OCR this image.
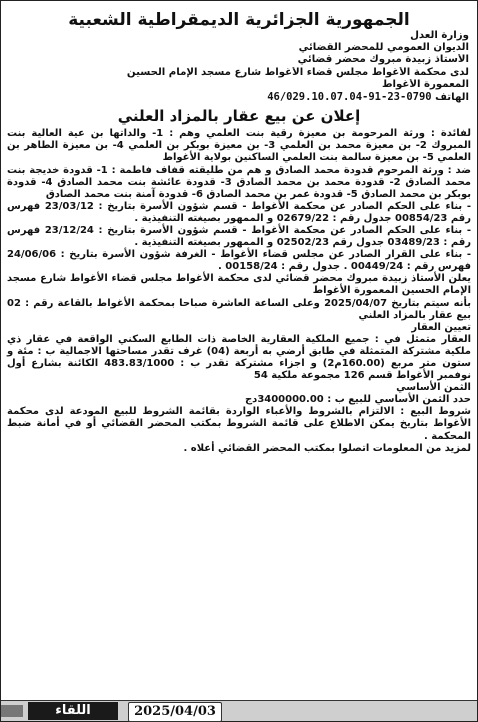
الجمهورية الجزائرية الديمقراطية الشعبية
وزارة العدل
الديوان العمومي للمحضر القضائي
الأستاذ زبيدة مبروك محضر قضائي
لدى محكمة الأغواط مجلس قضاء الأغواط شارع مسجد الإمام الحسين
المعمورة الأغواط
الهاتف 0790-23-91-46/029.10.07.04
إعلان عن بيع عقار بالمزاد العلني

لفائدة : ورثة المرحومة بن معيزة رقية بنت العلمي وهم : 1- والداتها بن عية العالية بنت المبروك 2- بن معيزة محمد بن العلمي 3- بن معيزة بوبكر بن العلمي 4- بن معيزة الطاهر بن العلمي 5- بن معيزة سالمة بنت العلمي الساكنين بولاية الأغواط

ضد : ورثة المرحوم قدودة محمد الصادق و هم من طليقته قفاف فاطمة : 1- قدودة خديجة بنت محمد الصادق 2- قدودة محمد بن محمد الصادق 3- قدودة عائشة بنت محمد الصادق 4- قدودة بوبكر بن محمد الصادق 5- قدودة عمر بن محمد الصادق 6- قدودة آمنة بنت محمد الصادق

- بناء على الحكم الصادر عن محكمة الأغواط - قسم شؤون الأسرة بتاريخ : 23/03/12 فهرس رقم 00854/23 جدول رقم : 02679/22 و الممهور بصيغته التنفيذية .

- بناء على الحكم الصادر عن محكمة الأغواط - قسم شؤون الأسرة بتاريخ : 23/12/24 فهرس رقم : 03489/23 جدول رقم 02502/23 و الممهور بصيغته التنفيذية .

- بناء على القرار الصادر عن مجلس قضاء الأغواط - الغرفة شؤون الأسرة بتاريخ : 24/06/06 فهرس رقم : 00449/24 . جدول رقم : 00158/24 .

يعلن الأستاذ زبيدة مبروك محضر قضائي لدى محكمة الأغواط مجلس قضاء الأغواط شارع مسجد الإمام الحسين المعمورة الأغواط

بأنه سيتم بتاريخ 2025/04/07 وعلى الساعة العاشرة صباحا بمحكمة الأغواط بالقاعة رقم : 02 بيع عقار بالمزاد العلني

تعيين العقار

العقار متمثل في : جميع الملكية العقارية الخاصة ذات الطابع السكني الواقعة في عقار ذي ملكية مشتركة المتمثلة في طابق أرضي به أربعة (04) غرف تقدر مساحتها الاجمالية ب : مئة و ستون متر مربع (160.00م2) و اجزاء مشتركة تقدر ب : 483.83/1000 الكائنة بشارع أول نوفمبر الأغواط قسم 126 مجموعة ملكية 54

الثمن الأساسي

حدد الثمن الأساسي للبيع ب : 3400000.00دج

شروط البيع : الالتزام بالشروط والأعباء الواردة بقائمة الشروط للبيع المودعة لدى محكمة الأغواط بتاريخ يمكن الاطلاع على قائمة الشروط بمكتب المحضر القضائي أو في أمانة ضبط المحكمة .

لمزيد من المعلومات اتصلوا بمكتب المحضر القضائي أعلاه .

اللقاء	2025/04/03
